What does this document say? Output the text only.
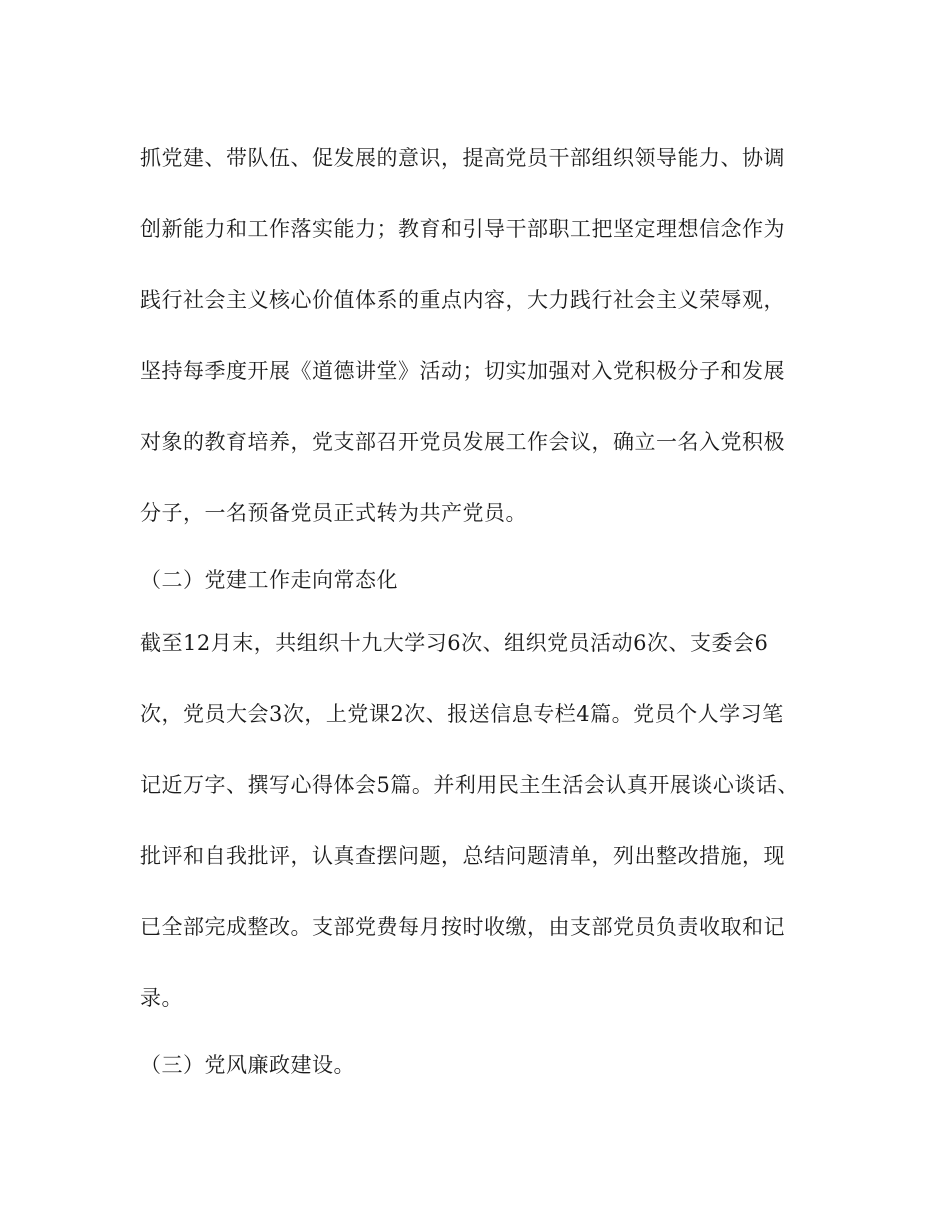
抓党建、带队伍、促发展的意识，提高党员干部组织领导能力、协调
创新能力和工作落实能力；教育和引导干部职工把坚定理想信念作为
践行社会主义核心价值体系的重点内容，大力践行社会主义荣辱观，
坚持每季度开展《道德讲堂》活动；切实加强对入党积极分子和发展
对象的教育培养，党支部召开党员发展工作会议，确立一名入党积极
分子，一名预备党员正式转为共产党员。
（二）党建工作走向常态化
截至12月末，共组织十九大学习6次、组织党员活动6次、支委会6
次，党员大会3次，上党课2次、报送信息专栏4篇。党员个人学习笔
记近万字、撰写心得体会5篇。并利用民主生活会认真开展谈心谈话、
批评和自我批评，认真查摆问题，总结问题清单，列出整改措施，现
已全部完成整改。支部党费每月按时收缴，由支部党员负责收取和记
录。
（三）党风廉政建设。
